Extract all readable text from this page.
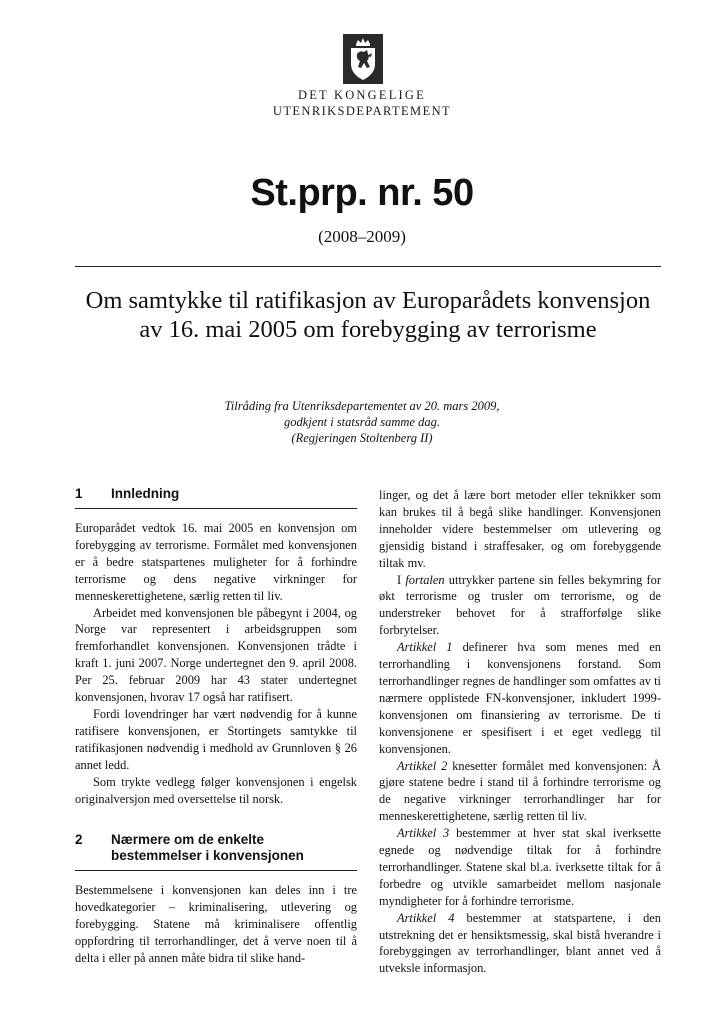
DET KONGELIGE
UTENRIKSDEPARTEMENT
St.prp. nr. 50
(2008–2009)
Om samtykke til ratifikasjon av Europarådets konvensjon av 16. mai 2005 om forebygging av terrorisme
Tilråding fra Utenriksdepartementet av 20. mars 2009,
godkjent i statsråd samme dag.
(Regjeringen Stoltenberg II)
1	Innledning

Europarådet vedtok 16. mai 2005 en konvensjon om forebygging av terrorisme. Formålet med konvensjonen er å bedre statspartenes muligheter for å forhindre terrorisme og dens negative virkninger for menneskerettighetene, særlig retten til liv.

Arbeidet med konvensjonen ble påbegynt i 2004, og Norge var representert i arbeidsgruppen som fremforhandlet konvensjonen. Konvensjonen trådte i kraft 1. juni 2007. Norge undertegnet den 9. april 2008. Per 25. februar 2009 har 43 stater undertegnet konvensjonen, hvorav 17 også har ratifisert.

Fordi lovendringer har vært nødvendig for å kunne ratifisere konvensjonen, er Stortingets samtykke til ratifikasjonen nødvendig i medhold av Grunnloven § 26 annet ledd.

Som trykte vedlegg følger konvensjonen i engelsk originalversjon med oversettelse til norsk.

2	Nærmere om de enkelte bestemmelser i konvensjonen

Bestemmelsene i konvensjonen kan deles inn i tre hovedkategorier – kriminalisering, utlevering og forebygging. Statene må kriminalisere offentlig oppfordring til terrorhandlinger, det å verve noen til å delta i eller på annen måte bidra til slike hand-

linger, og det å lære bort metoder eller teknikker som kan brukes til å begå slike handlinger. Konvensjonen inneholder videre bestemmelser om utlevering og gjensidig bistand i straffesaker, og om forebyggende tiltak mv.

I fortalen uttrykker partene sin felles bekymring for økt terrorisme og trusler om terrorisme, og de understreker behovet for å strafforfølge slike forbrytelser.

Artikkel 1 definerer hva som menes med en terrorhandling i konvensjonens forstand. Som terrorhandlinger regnes de handlinger som omfattes av ti nærmere opplistede FN-konvensjoner, inkludert 1999-konvensjonen om finansiering av terrorisme. De ti konvensjonene er spesifisert i et eget vedlegg til konvensjonen.

Artikkel 2 knesetter formålet med konvensjonen: Å gjøre statene bedre i stand til å forhindre terrorisme og de negative virkninger terrorhandlinger har for menneskerettighetene, særlig retten til liv.

Artikkel 3 bestemmer at hver stat skal iverksette egnede og nødvendige tiltak for å forhindre terrorhandlinger. Statene skal bl.a. iverksette tiltak for å forbedre og utvikle samarbeidet mellom nasjonale myndigheter for å forhindre terrorisme.

Artikkel 4 bestemmer at statspartene, i den utstrekning det er hensiktsmessig, skal bistå hverandre i forebyggingen av terrorhandlinger, blant annet ved å utveksle informasjon.
